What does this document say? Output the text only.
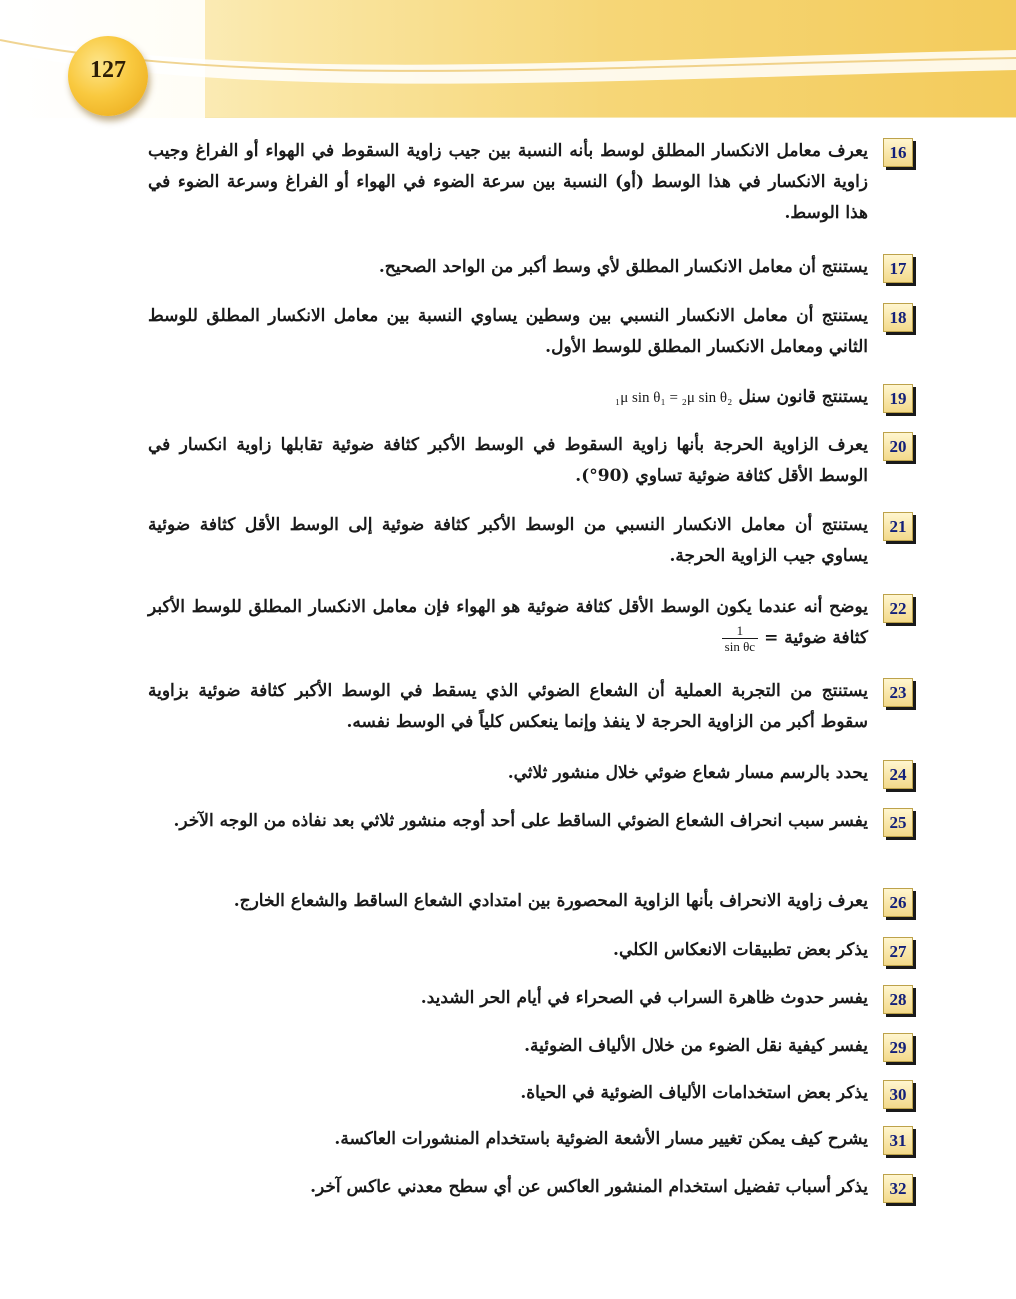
127
16
يعرف معامل الانكسار المطلق لوسط بأنه النسبة بين جيب زاوية السقوط في الهواء أو الفراغ وجيب زاوية الانكسار في هذا الوسط (أو) النسبة بين سرعة الضوء في الهواء أو الفراغ وسرعة الضوء في هذا الوسط.
17
يستنتج أن معامل الانكسار المطلق لأي وسط أكبر من الواحد الصحيح.
18
يستنتج أن معامل الانكسار النسبي بين وسطين يساوي النسبة بين معامل الانكسار المطلق للوسط الثاني ومعامل الانكسار المطلق للوسط الأول.
19
يستنتج قانون سنل₁μ sin θ₁ = ₂μ sin θ₂
20
يعرف الزاوية الحرجة بأنها زاوية السقوط في الوسط الأكبر كثافة ضوئية تقابلها زاوية انكسار في الوسط الأقل كثافة ضوئية تساوي (90°).
21
يستنتج أن معامل الانكسار النسبي من الوسط الأكبر كثافة ضوئية إلى الوسط الأقل كثافة ضوئية يساوي جيب الزاوية الحرجة.
22
يوضح أنه عندما يكون الوسط الأقل كثافة ضوئية هو الهواء فإن معامل الانكسار المطلق للوسط الأكبر كثافة ضوئية =
$\frac{1}{\text{sin θc}}$
23
يستنتج من التجربة العملية أن الشعاع الضوئي الذي يسقط في الوسط الأكبر كثافة ضوئية بزاوية سقوط أكبر من الزاوية الحرجة لا ينفذ وإنما ينعكس كلياً في الوسط نفسه.
24
يحدد بالرسم مسار شعاع ضوئي خلال منشور ثلاثي.
25
يفسر سبب انحراف الشعاع الضوئي الساقط على أحد أوجه منشور ثلاثي بعد نفاذه من الوجه الآخر.
26
يعرف زاوية الانحراف بأنها الزاوية المحصورة بين امتدادي الشعاع الساقط والشعاع الخارج.
27
يذكر بعض تطبيقات الانعكاس الكلي.
28
يفسر حدوث ظاهرة السراب في الصحراء في أيام الحر الشديد.
29
يفسر كيفية نقل الضوء من خلال الألياف الضوئية.
30
يذكر بعض استخدامات الألياف الضوئية في الحياة.
31
يشرح كيف يمكن تغيير مسار الأشعة الضوئية باستخدام المنشورات العاكسة.
32
يذكر أسباب تفضيل استخدام المنشور العاكس عن أي سطح معدني عاكس آخر.
